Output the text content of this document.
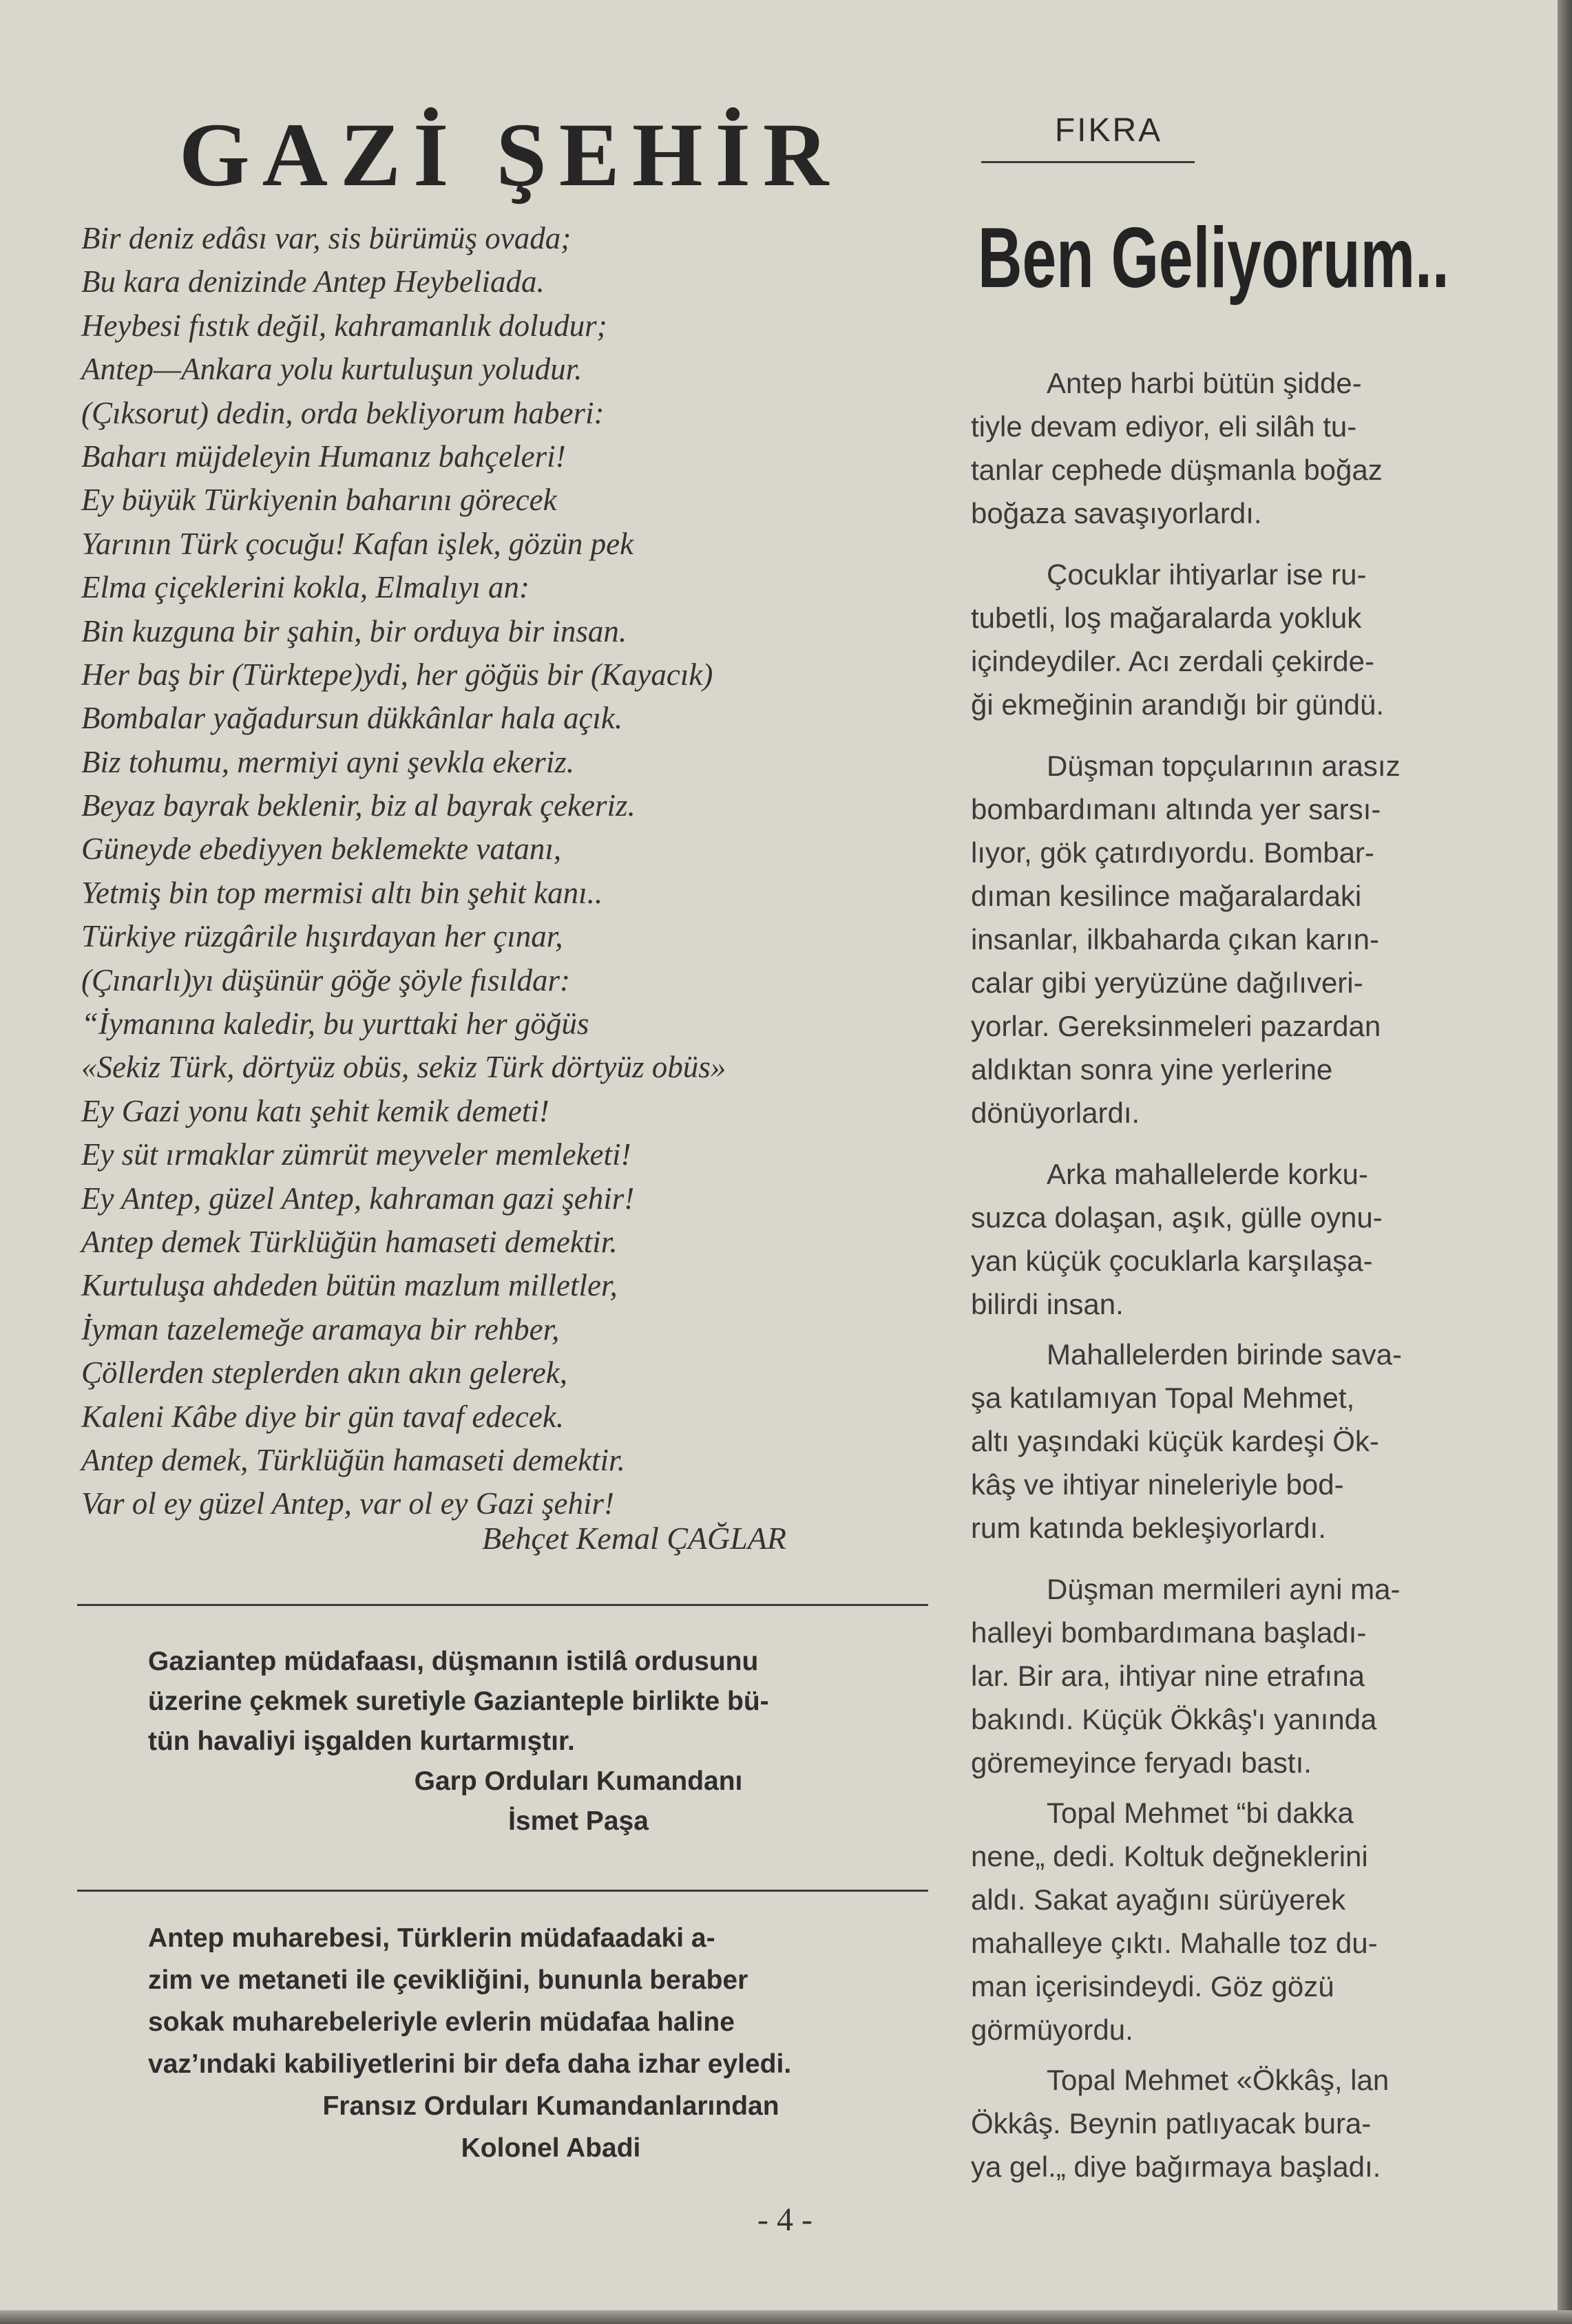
GAZİ ŞEHİR
Bir deniz edâsı var, sis bürümüş ovada;
Bu kara denizinde Antep Heybeliada.
Heybesi fıstık değil, kahramanlık doludur;
Antep—Ankara yolu kurtuluşun yoludur.
(Çıksorut) dedin, orda bekliyorum haberi:
Baharı müjdeleyin Humanız bahçeleri!
Ey büyük Türkiyenin baharını görecek
Yarının Türk çocuğu! Kafan işlek, gözün pek
Elma çiçeklerini kokla, Elmalıyı an:
Bin kuzguna bir şahin, bir orduya bir insan.
Her baş bir (Türktepe)ydi, her göğüs bir (Kayacık)
Bombalar yağadursun dükkânlar hala açık.
Biz tohumu, mermiyi ayni şevkla ekeriz.
Beyaz bayrak beklenir, biz al bayrak çekeriz.
Güneyde ebediyyen beklemekte vatanı,
Yetmiş bin top mermisi altı bin şehit kanı..
Türkiye rüzgârile hışırdayan her çınar,
(Çınarlı)yı düşünür göğe şöyle fısıldar:
“İymanına kaledir, bu yurttaki her göğüs
«Sekiz Türk, dörtyüz obüs, sekiz Türk dörtyüz obüs»
Ey Gazi yonu katı şehit kemik demeti!
Ey süt ırmaklar zümrüt meyveler memleketi!
Ey Antep, güzel Antep, kahraman gazi şehir!
Antep demek Türklüğün hamaseti demektir.
Kurtuluşa ahdeden bütün mazlum milletler,
İyman tazelemeğe aramaya bir rehber,
Çöllerden steplerden akın akın gelerek,
Kaleni Kâbe diye bir gün tavaf edecek.
Antep demek, Türklüğün hamaseti demektir.
Var ol ey güzel Antep, var ol ey Gazi şehir!
Behçet Kemal ÇAĞLAR
Gaziantep müdafaası, düşmanın istilâ ordusunu
üzerine çekmek suretiyle Gazianteple birlikte bü-
tün havaliyi işgalden kurtarmıştır.
Garp Orduları Kumandanı
İsmet Paşa
Antep muharebesi, Türklerin müdafaadaki a-
zim ve metaneti ile çevikliğini, bununla beraber
sokak muharebeleriyle evlerin müdafaa haline
vaz’ındaki kabiliyetlerini bir defa daha izhar eyledi.
Fransız Orduları Kumandanlarından
Kolonel Abadi
FIKRA
Ben Geliyorum..
Antep harbi bütün şidde-
tiyle devam ediyor, eli silâh tu-
tanlar cephede düşmanla boğaz
boğaza savaşıyorlardı.
Çocuklar ihtiyarlar ise ru-
tubetli, loş mağaralarda yokluk
içindeydiler. Acı zerdali çekirde-
ği ekmeğinin arandığı bir gündü.
Düşman topçularının arasız
bombardımanı altında yer sarsı-
lıyor, gök çatırdıyordu. Bombar-
dıman kesilince mağaralardaki
insanlar, ilkbaharda çıkan karın-
calar gibi yeryüzüne dağılıveri-
yorlar. Gereksinmeleri pazardan
aldıktan sonra yine yerlerine
dönüyorlardı.
Arka mahallelerde korku-
suzca dolaşan, aşık, gülle oynu-
yan küçük çocuklarla karşılaşa-
bilirdi insan.
Mahallelerden birinde sava-
şa katılamıyan Topal Mehmet,
altı yaşındaki küçük kardeşi Ök-
kâş ve ihtiyar nineleriyle bod-
rum katında bekleşiyorlardı.
Düşman mermileri ayni ma-
halleyi bombardımana başladı-
lar. Bir ara, ihtiyar nine etrafına
bakındı. Küçük Ökkâş'ı yanında
göremeyince feryadı bastı.
Topal Mehmet “bi dakka
nene„ dedi. Koltuk değneklerini
aldı. Sakat ayağını sürüyerek
mahalleye çıktı. Mahalle toz du-
man içerisindeydi. Göz gözü
görmüyordu.
Topal Mehmet «Ökkâş, lan
Ökkâş. Beynin patlıyacak bura-
ya gel.„ diye bağırmaya başladı.
- 4 -
